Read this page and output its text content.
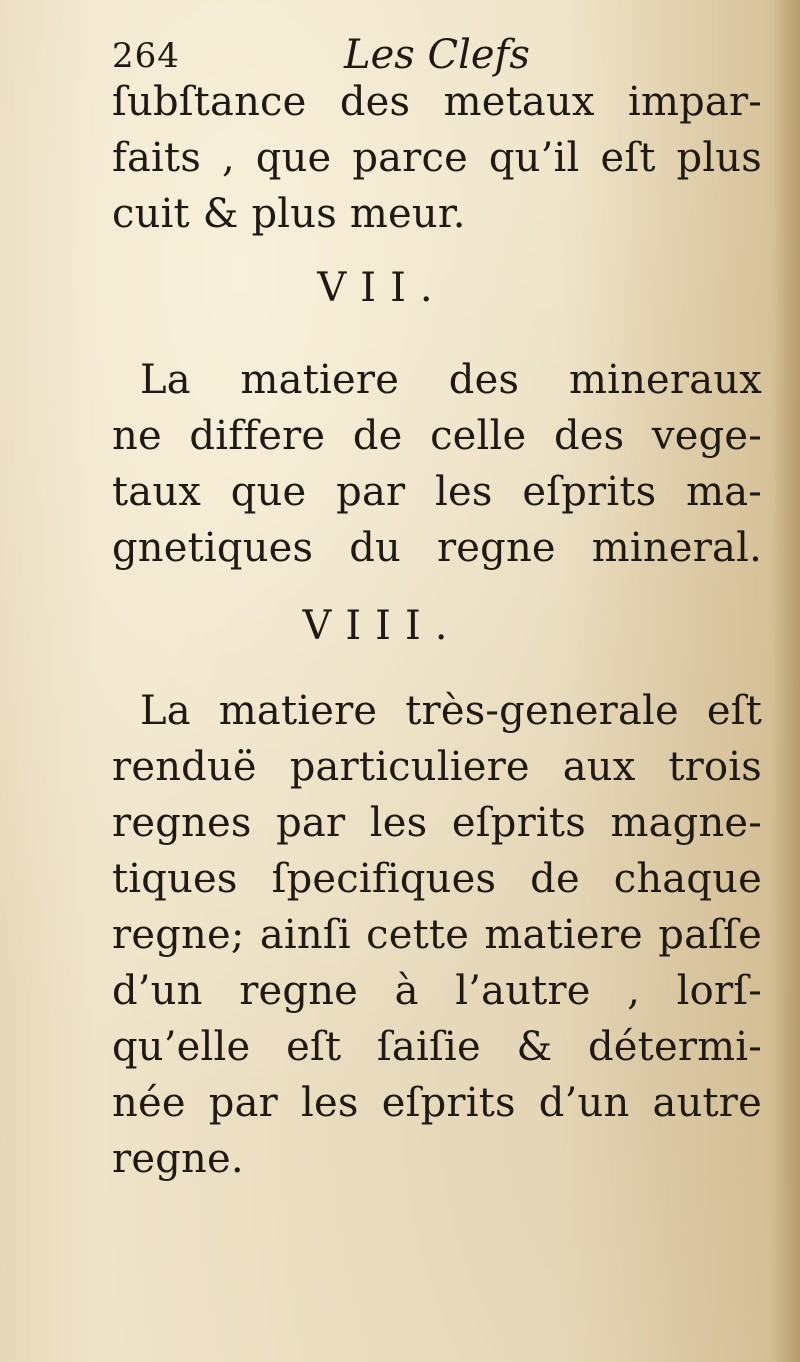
264	Les Clefs
ſubſtance des metaux impar-
faits , que parce qu’il eſt plus
cuit & plus meur.
VII.
La matiere des mineraux
ne differe de celle des vege-
taux que par les eſprits ma-
gnetiques du regne mineral.
VIII.
La matiere très-generale eſt
renduë particuliere aux trois
regnes par les eſprits magne-
tiques ſpecifiques de chaque
regne; ainſi cette matiere paſſe
d’un regne à l’autre , lorſ-
qu’elle eſt ſaiſie & détermi-
née par les eſprits d’un autre
regne.
